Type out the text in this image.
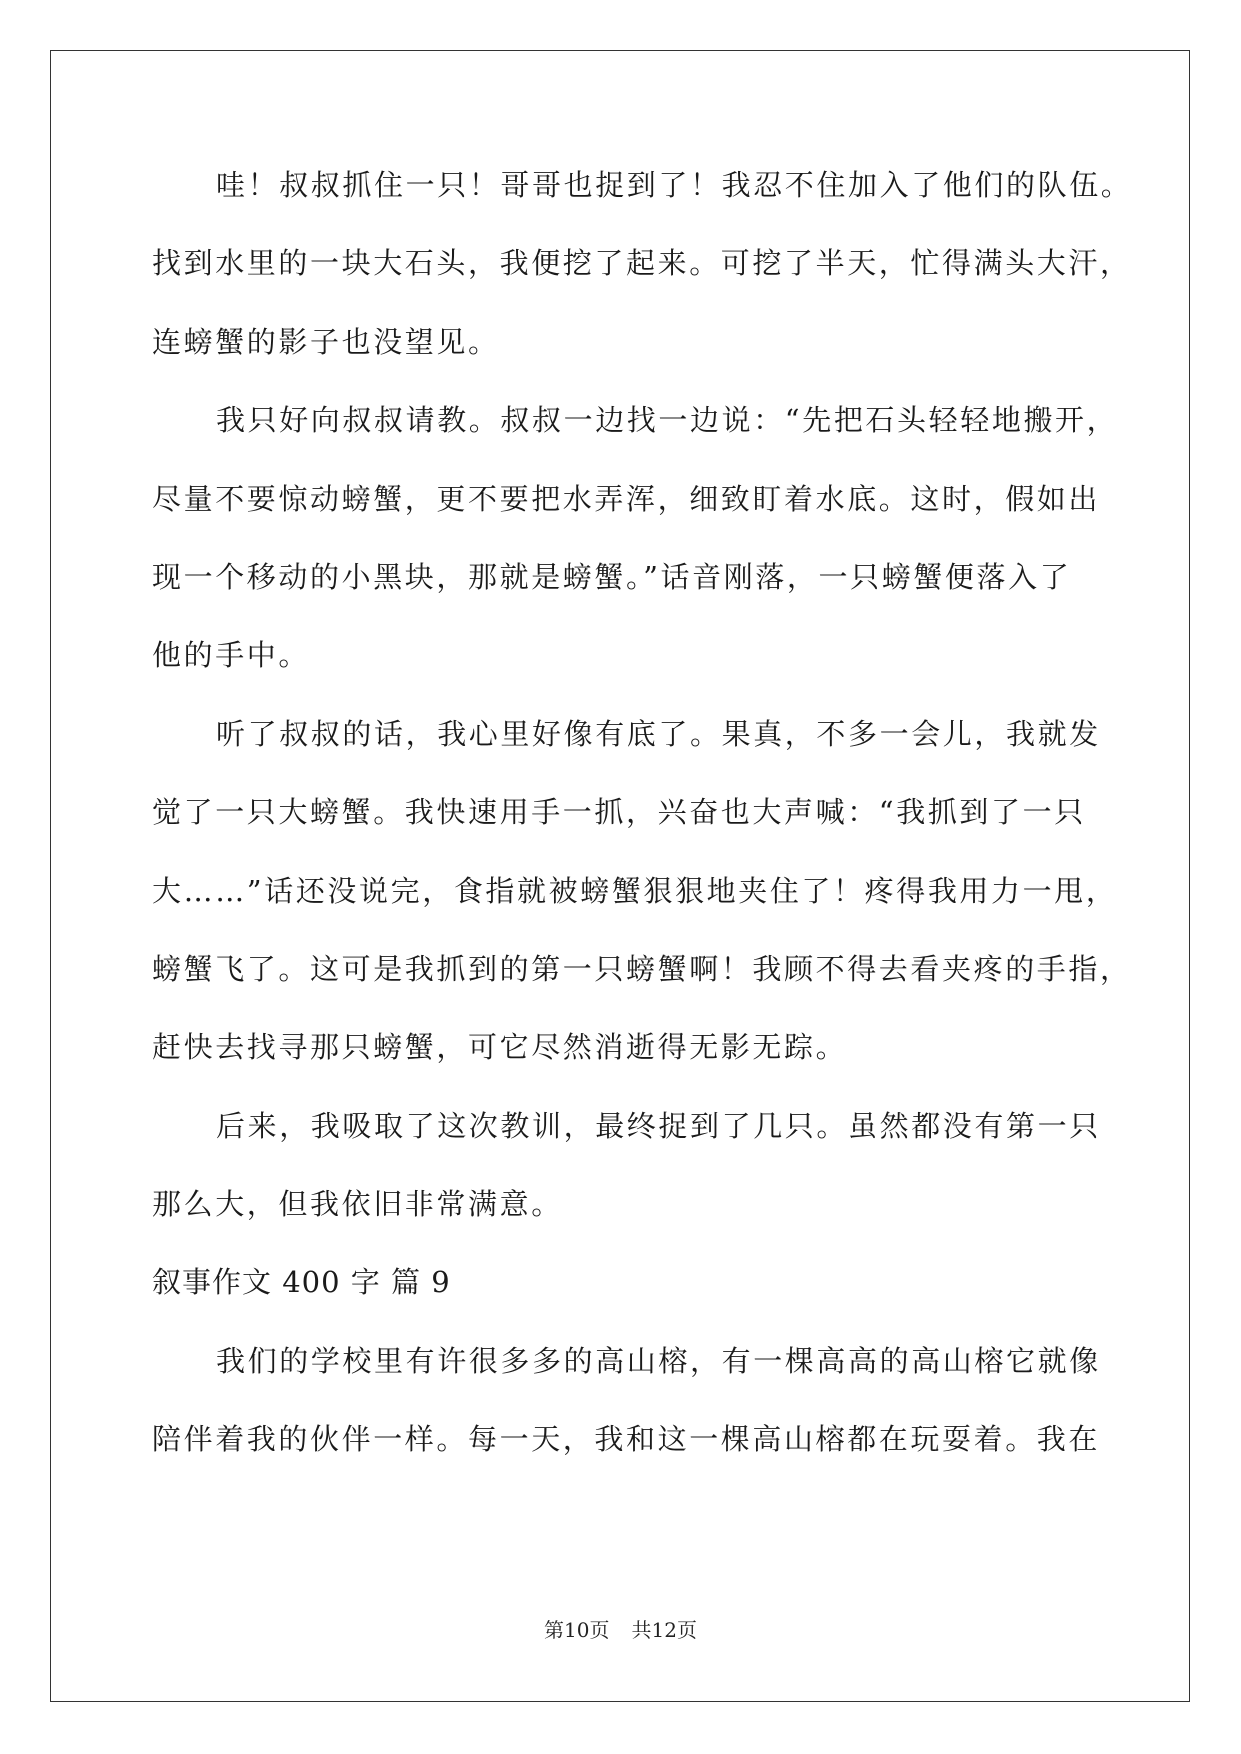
哇！叔叔抓住一只！哥哥也捉到了！我忍不住加入了他们的队伍。
找到水里的一块大石头，我便挖了起来。可挖了半天，忙得满头大汗，
连螃蟹的影子也没望见。
我只好向叔叔请教。叔叔一边找一边说：“先把石头轻轻地搬开，
尽量不要惊动螃蟹，更不要把水弄浑，细致盯着水底。这时，假如出
现一个移动的小黑块，那就是螃蟹。”话音刚落，一只螃蟹便落入了
他的手中。
听了叔叔的话，我心里好像有底了。果真，不多一会儿，我就发
觉了一只大螃蟹。我快速用手一抓，兴奋也大声喊：“我抓到了一只
大……”话还没说完，食指就被螃蟹狠狠地夹住了！疼得我用力一甩，
螃蟹飞了。这可是我抓到的第一只螃蟹啊！我顾不得去看夹疼的手指，
赶快去找寻那只螃蟹，可它尽然消逝得无影无踪。
后来，我吸取了这次教训，最终捉到了几只。虽然都没有第一只
那么大，但我依旧非常满意。
叙事作文 400 字 篇 9
我们的学校里有许很多多的高山榕，有一棵高高的高山榕它就像
陪伴着我的伙伴一样。每一天，我和这一棵高山榕都在玩耍着。我在
第10页 共12页
